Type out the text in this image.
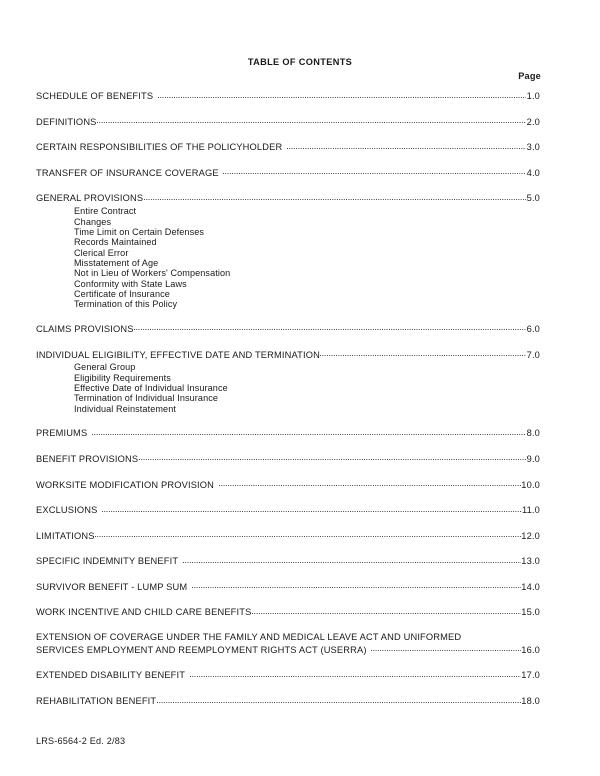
TABLE OF CONTENTS
Page
SCHEDULE OF BENEFITS	1.0
DEFINITIONS	2.0
CERTAIN RESPONSIBILITIES OF THE POLICYHOLDER	3.0
TRANSFER OF INSURANCE COVERAGE	4.0
GENERAL PROVISIONS	5.0
Entire Contract
Changes
Time Limit on Certain Defenses
Records Maintained
Clerical Error
Misstatement of Age
Not in Lieu of Workers' Compensation
Conformity with State Laws
Certificate of Insurance
Termination of this Policy
CLAIMS PROVISIONS	6.0
INDIVIDUAL ELIGIBILITY, EFFECTIVE DATE AND TERMINATION	7.0
General Group
Eligibility Requirements
Effective Date of Individual Insurance
Termination of Individual Insurance
Individual Reinstatement
PREMIUMS	8.0
BENEFIT PROVISIONS	9.0
WORKSITE MODIFICATION PROVISION	10.0
EXCLUSIONS	11.0
LIMITATIONS	12.0
SPECIFIC INDEMNITY BENEFIT	13.0
SURVIVOR BENEFIT - LUMP SUM	14.0
WORK INCENTIVE AND CHILD CARE BENEFITS	15.0
EXTENSION OF COVERAGE UNDER THE FAMILY AND MEDICAL LEAVE ACT AND UNIFORMED
SERVICES EMPLOYMENT AND REEMPLOYMENT RIGHTS ACT (USERRA)	16.0
EXTENDED DISABILITY BENEFIT	17.0
REHABILITATION BENEFIT	18.0
LRS-6564-2 Ed. 2/83
